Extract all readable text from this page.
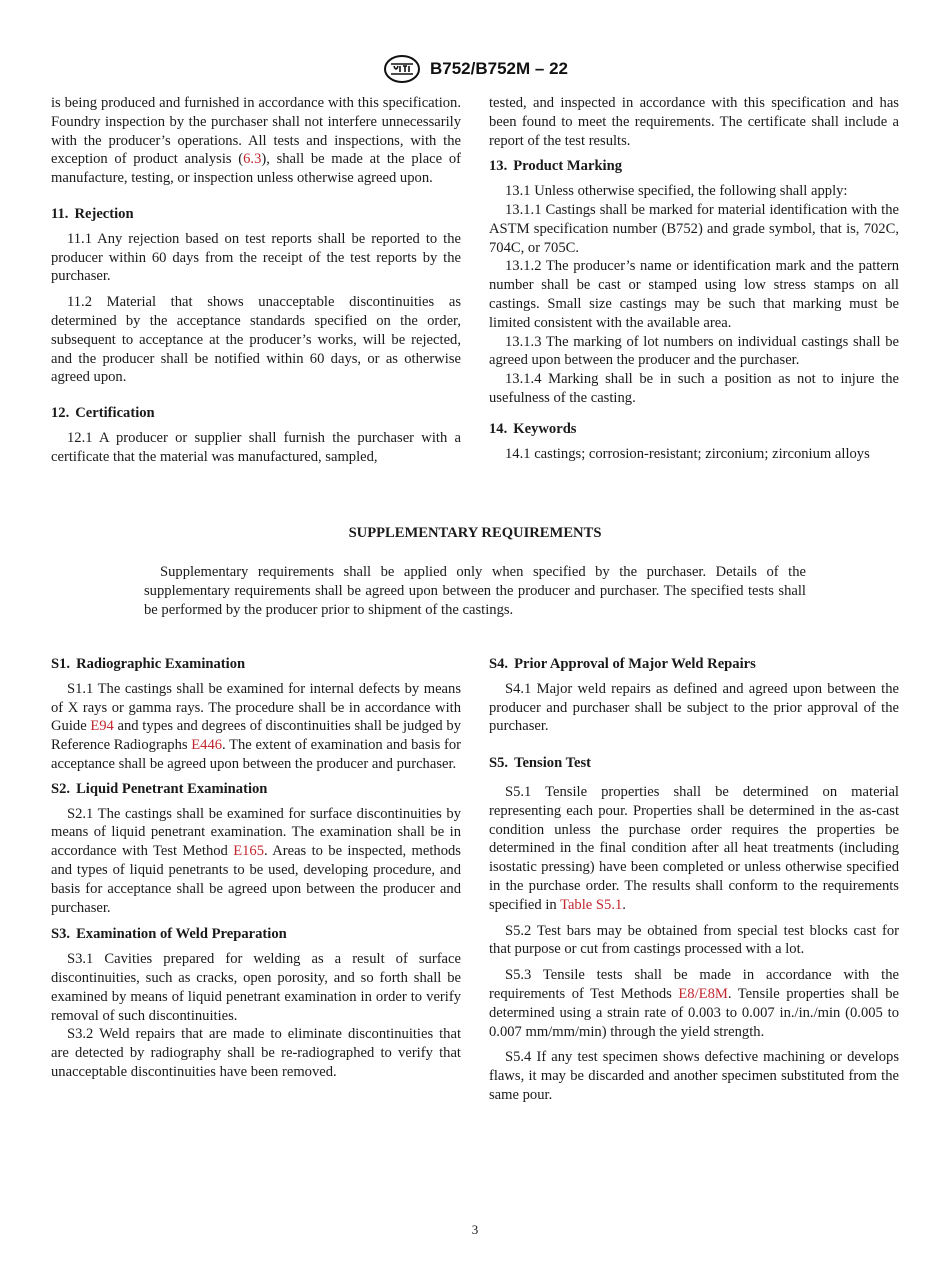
B752/B752M – 22

is being produced and furnished in accordance with this specification. Foundry inspection by the purchaser shall not interfere unnecessarily with the producer’s operations. All tests and inspections, with the exception of product analysis (6.3), shall be made at the place of manufacture, testing, or inspection unless otherwise agreed upon.

11. Rejection

11.1 Any rejection based on test reports shall be reported to the producer within 60 days from the receipt of the test reports by the purchaser.

11.2 Material that shows unacceptable discontinuities as determined by the acceptance standards specified on the order, subsequent to acceptance at the producer’s works, will be rejected, and the producer shall be notified within 60 days, or as otherwise agreed upon.

12. Certification

12.1 A producer or supplier shall furnish the purchaser with a certificate that the material was manufactured, sampled,

tested, and inspected in accordance with this specification and has been found to meet the requirements. The certificate shall include a report of the test results.

13. Product Marking

13.1 Unless otherwise specified, the following shall apply:

13.1.1 Castings shall be marked for material identification with the ASTM specification number (B752) and grade symbol, that is, 702C, 704C, or 705C.

13.1.2 The producer’s name or identification mark and the pattern number shall be cast or stamped using low stress stamps on all castings. Small size castings may be such that marking must be limited consistent with the available area.

13.1.3 The marking of lot numbers on individual castings shall be agreed upon between the producer and the purchaser.

13.1.4 Marking shall be in such a position as not to injure the usefulness of the casting.

14. Keywords

14.1 castings; corrosion-resistant; zirconium; zirconium alloys

SUPPLEMENTARY REQUIREMENTS

Supplementary requirements shall be applied only when specified by the purchaser. Details of the supplementary requirements shall be agreed upon between the producer and purchaser. The specified tests shall be performed by the producer prior to shipment of the castings.

S1. Radiographic Examination

S1.1 The castings shall be examined for internal defects by means of X rays or gamma rays. The procedure shall be in accordance with Guide E94 and types and degrees of discontinuities shall be judged by Reference Radiographs E446. The extent of examination and basis for acceptance shall be agreed upon between the producer and purchaser.

S2. Liquid Penetrant Examination

S2.1 The castings shall be examined for surface discontinuities by means of liquid penetrant examination. The examination shall be in accordance with Test Method E165. Areas to be inspected, methods and types of liquid penetrants to be used, developing procedure, and basis for acceptance shall be agreed upon between the producer and purchaser.

S3. Examination of Weld Preparation

S3.1 Cavities prepared for welding as a result of surface discontinuities, such as cracks, open porosity, and so forth shall be examined by means of liquid penetrant examination in order to verify removal of such discontinuities.

S3.2 Weld repairs that are made to eliminate discontinuities that are detected by radiography shall be re-radiographed to verify that unacceptable discontinuities have been removed.

S4. Prior Approval of Major Weld Repairs

S4.1 Major weld repairs as defined and agreed upon between the producer and purchaser shall be subject to the prior approval of the purchaser.

S5. Tension Test

S5.1 Tensile properties shall be determined on material representing each pour. Properties shall be determined in the as-cast condition unless the purchase order requires the properties be determined in the final condition after all heat treatments (including isostatic pressing) have been completed or unless otherwise specified in the purchase order. The results shall conform to the requirements specified in Table S5.1.

S5.2 Test bars may be obtained from special test blocks cast for that purpose or cut from castings processed with a lot.

S5.3 Tensile tests shall be made in accordance with the requirements of Test Methods E8/E8M. Tensile properties shall be determined using a strain rate of 0.003 to 0.007 in./in./min (0.005 to 0.007 mm/mm/min) through the yield strength.

S5.4 If any test specimen shows defective machining or develops flaws, it may be discarded and another specimen substituted from the same pour.

3
